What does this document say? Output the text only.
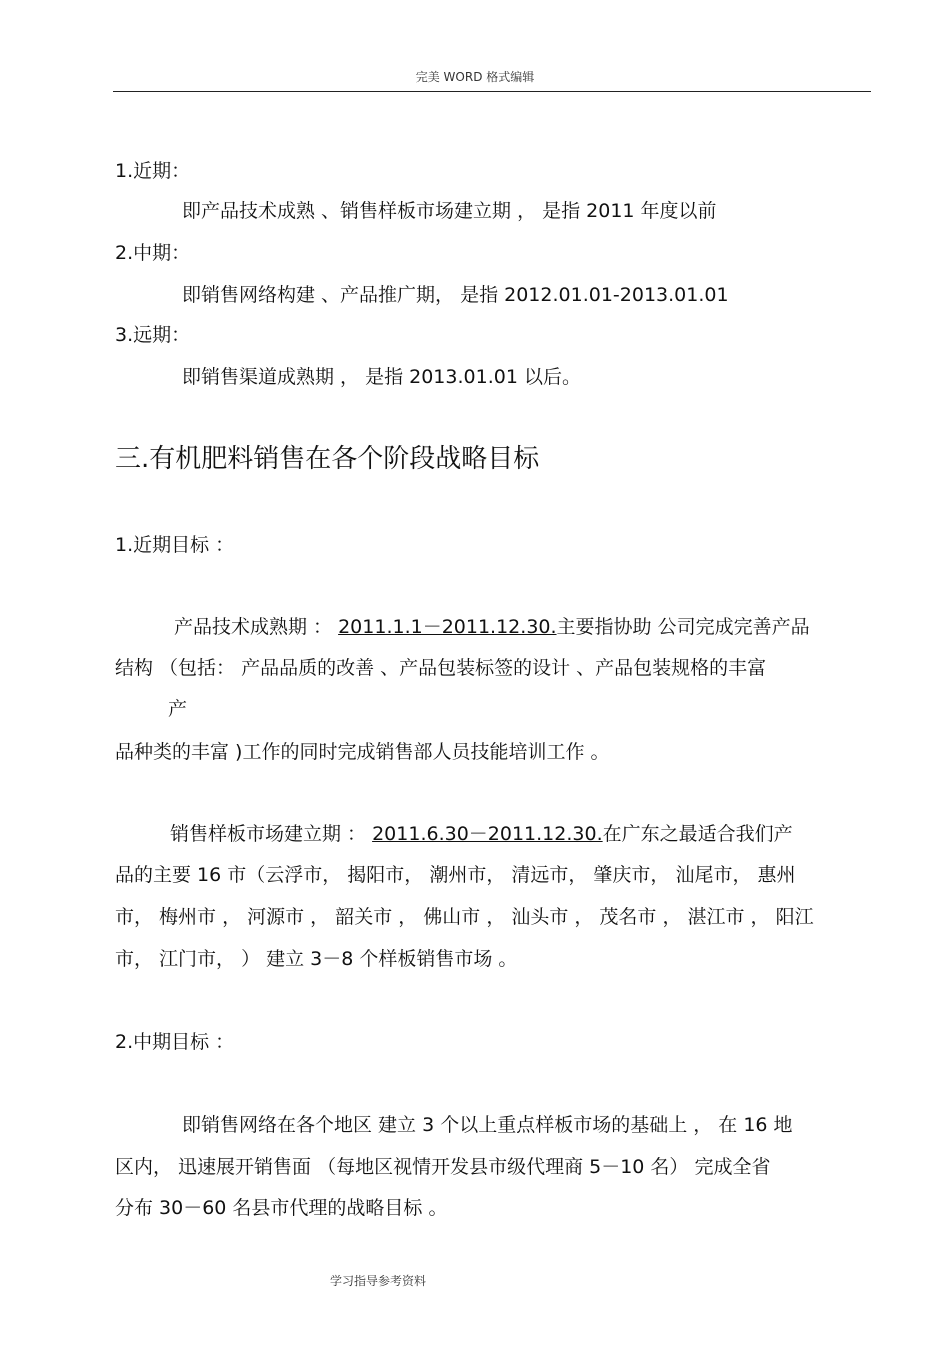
完美 WORD 格式编辑
1.近期：
即产品技术成熟 、销售样板市场建立期 ， 是指 2011 年度以前
2.中期：
即销售网络构建 、产品推广期， 是指 2012.01.01-2013.01.01
3.远期：
即销售渠道成熟期 ， 是指 2013.01.01 以后。
三.有机肥料销售在各个阶段战略目标
1.近期目标 ：
产品技术成熟期 ： 2011.1.1－2011.12.30.主要指协助 公司完成完善产品
结构 （包括： 产品品质的改善 、产品包装标签的设计 、产品包装规格的丰富
产
品种类的丰富 )工作的同时完成销售部人员技能培训工作 。
销售样板市场建立期 ： 2011.6.30－2011.12.30.在广东之最适合我们产
品的主要 16 市（云浮市， 揭阳市， 潮州市， 清远市， 肇庆市， 汕尾市， 惠州
市， 梅州市 ， 河源市 ， 韶关市 ， 佛山市 ， 汕头市 ， 茂名市 ， 湛江市 ， 阳江
市， 江门市， ） 建立 3－8 个样板销售市场 。
2.中期目标 ：
即销售网络在各个地区 建立 3 个以上重点样板市场的基础上 ， 在 16 地
区内， 迅速展开销售面 （每地区视情开发县市级代理商 5－10 名） 完成全省
分布 30－60 名县市代理的战略目标 。
学习指导参考资料
